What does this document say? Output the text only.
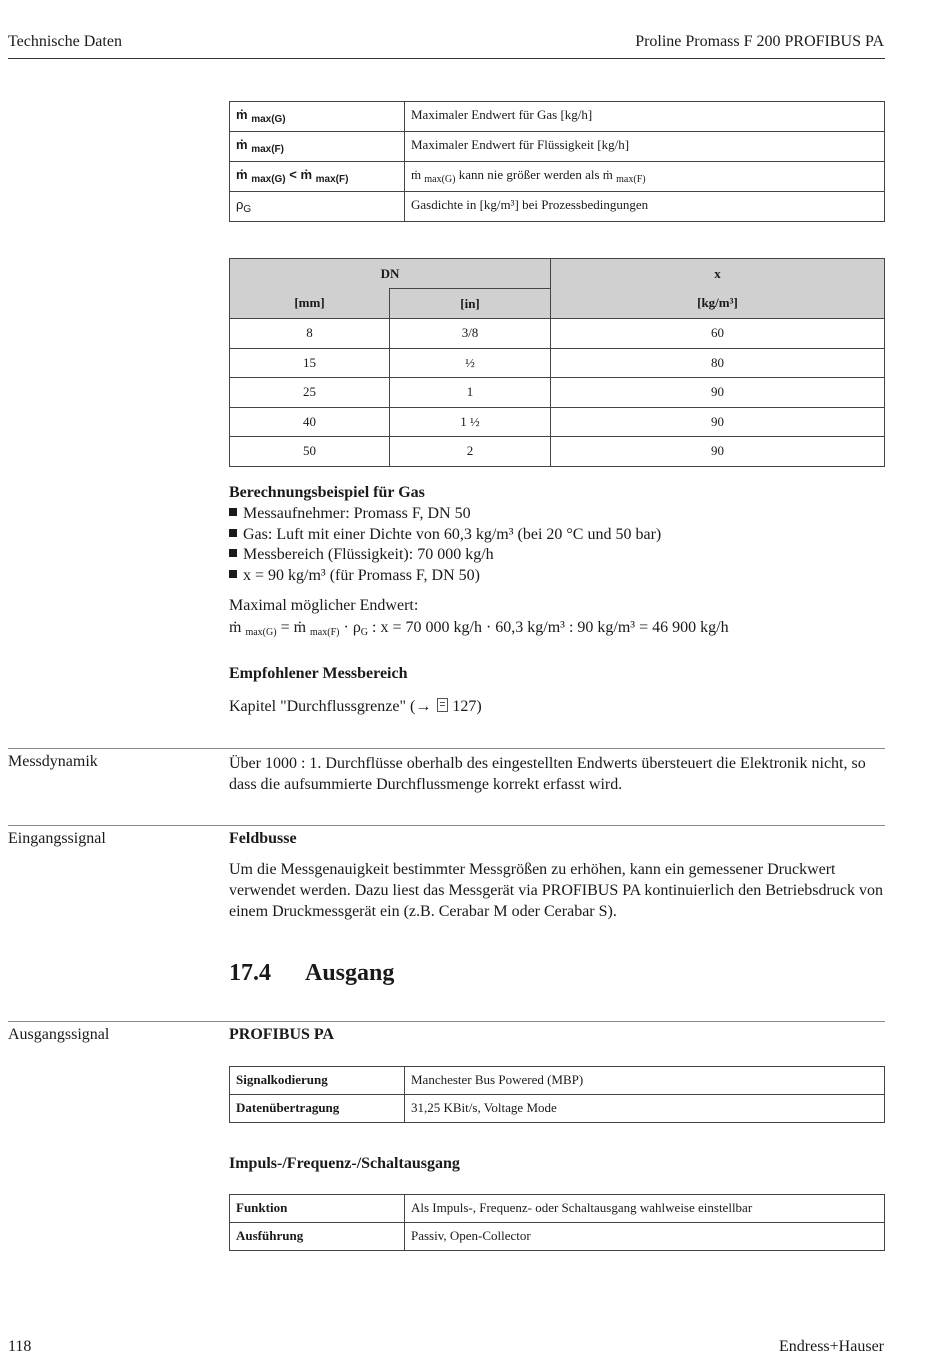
Technische Daten	Proline Promass F 200 PROFIBUS PA
ṁ $_{max(G)}$	Maximaler Endwert für Gas [kg/h]
ṁ $_{max(F)}$	Maximaler Endwert für Flüssigkeit [kg/h]
ṁ $_{max(G)}$ < ṁ $_{max(F)}$	ṁ $_{max(G)}$ kann nie größer werden als ṁ $_{max(F)}$
$\rho_G$	Gasdichte in [kg/m³] bei Prozessbedingungen
DN		x
[mm]	[in]	[kg/m³]
8	3/8	60
15	½	80
25	1	90
40	1 ½	90
50	2	90
Berechnungsbeispiel für Gas
Messaufnehmer: Promass F, DN 50
Gas: Luft mit einer Dichte von 60,3 kg/m³ (bei 20 °C und 50 bar)
Messbereich (Flüssigkeit): 70 000 kg/h
x = 90 kg/m³ (für Promass F, DN 50)
Maximal möglicher Endwert:
ṁ $_{max(G)}$ = ṁ $_{max(F)} \cdot \rho_G$ : x = 70 000 kg/h · 60,3 kg/m³ : 90 kg/m³ = 46 900 kg/h
Empfohlener Messbereich
Kapitel "Durchflussgrenze" (→
127)
Messdynamik	Über 1000 : 1. Durchflüsse oberhalb des eingestellten Endwerts übersteuert die Elektronik nicht, so dass die aufsummierte Durchflussmenge korrekt erfasst wird.
Eingangssignal	Feldbusse
Um die Messgenauigkeit bestimmter Messgrößen zu erhöhen, kann ein gemessener Druckwert verwendet werden. Dazu liest das Messgerät via PROFIBUS PA kontinuierlich den Betriebsdruck von einem Druckmessgerät ein (z.B. Cerabar M oder Cerabar S).
17.4 Ausgang
Ausgangssignal	PROFIBUS PA
Signalkodierung	Manchester Bus Powered (MBP)
Datenübertragung	31,25 KBit/s, Voltage Mode
Impuls-/Frequenz-/Schaltausgang
Funktion	Als Impuls-, Frequenz- oder Schaltausgang wahlweise einstellbar
Ausführung	Passiv, Open-Collector
118	Endress+Hauser
